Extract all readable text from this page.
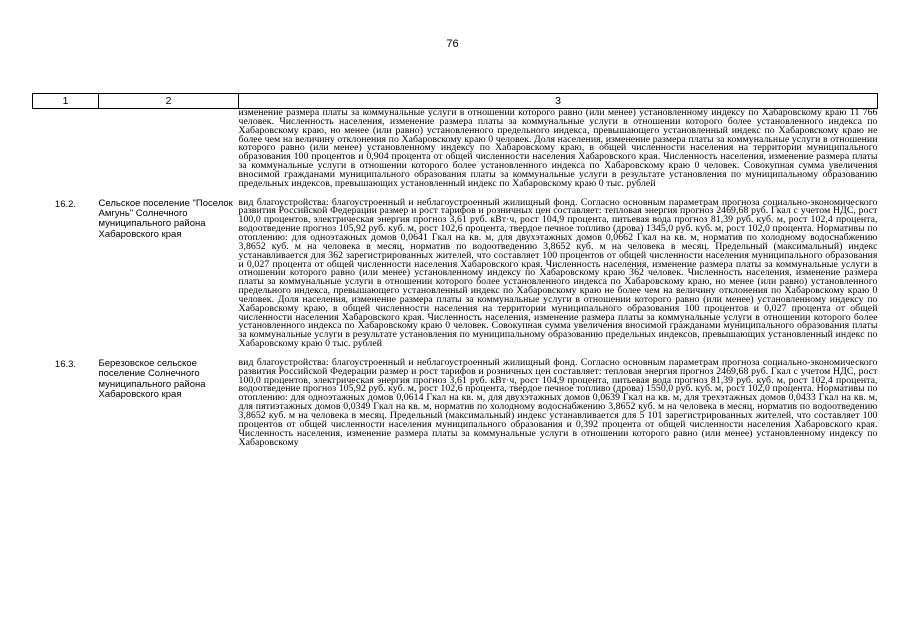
76
1	2	3
		изменение размера платы за коммунальные услуги в отношении которого равно (или менее) установленному индексу по Хабаровскому краю 11 766 человек. Численность населения, изменение размера платы за коммунальные услуги в отношении которого более установленного индекса по Хабаровскому краю, но менее (или равно) установленного предельного индекса, превышающего установленный индекс по Хабаровскому краю не более чем на величину отклонения по Хабаровскому краю 0 человек. Доля населения, изменение размера платы за коммунальные услуги в отношении которого равно (или менее) установленному индексу по Хабаровскому краю, в общей численности населения на территории муниципального образования 100 процентов и 0,904 процента от общей численности населения Хабаровского края. Численность населения, изменение размера платы за коммунальные услуги в отношении которого более установленного индекса по Хабаровскому краю 0 человек. Совокупная сумма увеличения вносимой гражданами муниципального образования платы за коммунальные услуги в результате установления по муниципальному образованию предельных индексов, превышающих установленный индекс по Хабаровскому краю 0 тыс. рублей

16.2.	Сельское поселение "Поселок Амгунь" Солнечного муниципального района Хабаровского края	вид благоустройства: благоустроенный и неблагоустроенный жилищный фонд. Согласно основным параметрам прогноза социально-экономического развития Российской Федерации размер и рост тарифов и розничных цен составляет: тепловая энергия прогноз 2469,68 руб. Гкал с учетом НДС, рост 100,0 процентов, электрическая энергия прогноз 3,61 руб. кВт·ч, рост 104,9 процента, питьевая вода прогноз 81,39 руб. куб. м, рост 102,4 процента, водоотведение прогноз 105,92 руб. куб. м, рост 102,6 процента, твердое печное топливо (дрова) 1345,0 руб. куб. м, рост 102,0 процента. Нормативы по отоплению: для одноэтажных домов 0,0641 Гкал на кв. м, для двухэтажных домов 0,0662 Гкал на кв. м, норматив по холодному водоснабжению 3,8652 куб. м на человека в месяц, норматив по водоотведению 3,8652 куб. м на человека в месяц. Предельный (максимальный) индекс устанавливается для 362 зарегистрированных жителей, что составляет 100 процентов от общей численности населения муниципального образования и 0,027 процента от общей численности населения Хабаровского края. Численность населения, изменение размера платы за коммунальные услуги в отношении которого равно (или менее) установленному индексу по Хабаровскому краю 362 человек. Численность населения, изменение размера платы за коммунальные услуги в отношении которого более установленного индекса по Хабаровскому краю, но менее (или равно) установленного предельного индекса, превышающего установленный индекс по Хабаровскому краю не более чем на величину отклонения по Хабаровскому краю 0 человек. Доля населения, изменение размера платы за коммунальные услуги в отношении которого равно (или менее) установленному индексу по Хабаровскому краю, в общей численности населения на территории муниципального образования 100 процентов и 0,027 процента от общей численности населения Хабаровского края. Численность населения, изменение размера платы за коммунальные услуги в отношении которого более установленного индекса по Хабаровскому краю 0 человек. Совокупная сумма увеличения вносимой гражданами муниципального образования платы за коммунальные услуги в результате установления по муниципальному образованию предельных индексов, превышающих установленный индекс по Хабаровскому краю 0 тыс. рублей

16.3.	Березовское сельское поселение Солнечного муниципального района Хабаровского края	вид благоустройства: благоустроенный и неблагоустроенный жилищный фонд. Согласно основным параметрам прогноза социально-экономического развития Российской Федерации размер и рост тарифов и розничных цен составляет: тепловая энергия прогноз 2469,68 руб. Гкал с учетом НДС, рост 100,0 процентов, электрическая энергия прогноз 3,61 руб. кВт·ч, рост 104,9 процента, питьевая вода прогноз 81,39 руб. куб. м, рост 102,4 процента, водоотведение прогноз 105,92 руб. куб. м, рост 102,6 процента, твердое печное топливо (дрова) 1550,0 руб. куб. м, рост 102,0 процента. Нормативы по отоплению: для одноэтажных домов 0,0614 Гкал на кв. м, для двухэтажных домов 0,0639 Гкал на кв. м, для трехэтажных домов 0,0433 Гкал на кв. м, для пятиэтажных домов 0,0349 Гкал на кв. м, норматив по холодному водоснабжению 3,8652 куб. м на человека в месяц, норматив по водоотведению 3,8652 куб. м на человека в месяц. Предельный (максимальный) индекс устанавливается для 5 101 зарегистрированных жителей, что составляет 100 процентов от общей численности населения муниципального образования и 0,392 процента от общей численности населения Хабаровского края. Численность населения, изменение размера платы за коммунальные услуги в отношении которого равно (или менее) установленному индексу по Хабаровскому
